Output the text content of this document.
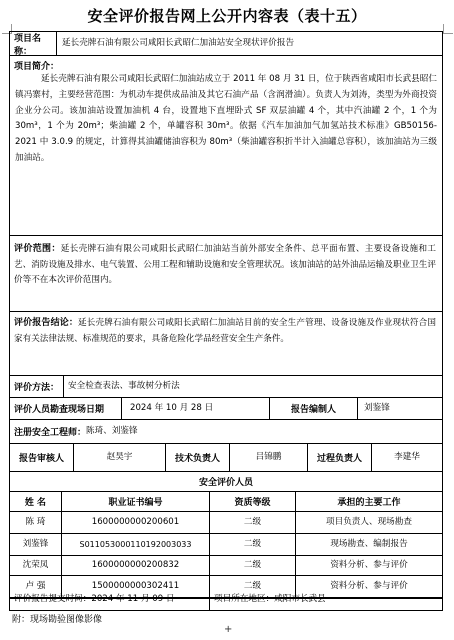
安全评价报告网上公开内容表（表十五）
项目名称：
延长壳牌石油有限公司咸阳长武昭仁加油站安全现状评价报告
项目简介：
延长壳牌石油有限公司咸阳长武昭仁加油站成立于 2011 年 08 月 31 日，位于陕西省咸阳市长武县昭仁镇冯寨村，主要经营范围：为机动车提供成品油及其它石油产品（含润滑油）。负责人为刘涛，类型为外商投资企业分公司。该加油站设置加油机 4 台，设置地下直埋卧式 SF 双层油罐 4 个，其中汽油罐 2 个，1 个为 30m³，1 个为 20m³；柴油罐 2 个，单罐容积 30m³。依据《汽车加油加气加氢站技术标准》GB50156-2021 中 3.0.9 的规定，计算得其油罐储油容积为 80m³（柴油罐容积折半计入油罐总容积），该加油站为三级加油站。
评价范围：延长壳牌石油有限公司咸阳长武昭仁加油站当前外部安全条件、总平面布置、主要设备设施和工艺、消防设施及排水、电气装置、公用工程和辅助设施和安全管理状况。该加油站的站外油品运输及职业卫生评价等不在本次评价范围内。
评价报告结论：延长壳牌石油有限公司咸阳长武昭仁加油站目前的安全生产管理、设备设施及作业现状符合国家有关法律法规、标准规范的要求，具备危险化学品经营安全生产条件。
评价方法：	安全检查表法、事故树分析法
评价人员勘查现场日期	2024 年 10 月 28 日	报告编制人	刘鉴锋
注册安全工程师： 陈琦、刘鉴锋
报告审核人	赵昊宇	技术负责人	吕锦鹏	过程负责人	李建华
安全评价人员
姓 名	职业证书编号	资质等级	承担的主要工作
陈 琦	1600000000200601	二级	项目负责人、现场勘查
刘鉴锋	S011053000110192003033	二级	现场勘查、编制报告
沈荣凤	1600000000200832	二级	资料分析、参与评价
卢 强	1500000000302411	二级	资料分析、参与评价
评价报告提交时间： 2024 年 11 月 09 日	项目所在地区： 咸阳市长武县
附：现场勘验图像影像
+
